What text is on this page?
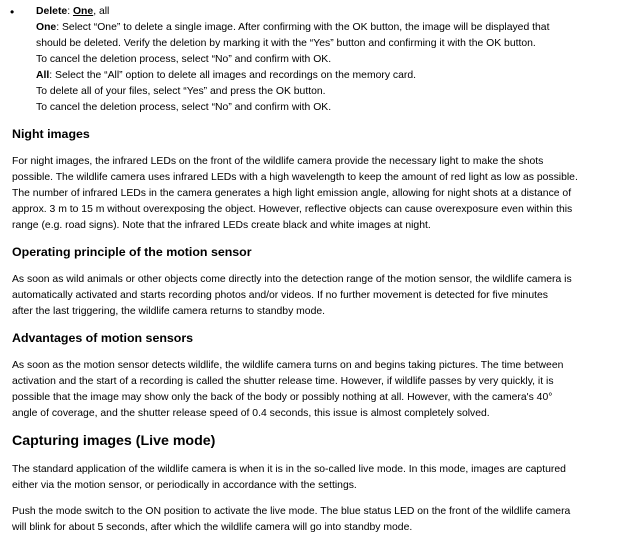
• Delete: One, all
One: Select “One” to delete a single image. After confirming with the OK button, the image will be displayed that
should be deleted. Verify the deletion by marking it with the “Yes” button and confirming it with the OK button.
To cancel the deletion process, select “No” and confirm with OK.
All: Select the “All” option to delete all images and recordings on the memory card.
To delete all of your files, select “Yes” and press the OK button.
To cancel the deletion process, select “No” and confirm with OK.
Night images
For night images, the infrared LEDs on the front of the wildlife camera provide the necessary light to make the shots
possible. The wildlife camera uses infrared LEDs with a high wavelength to keep the amount of red light as low as possible.
The number of infrared LEDs in the camera generates a high light emission angle, allowing for night shots at a distance of
approx. 3 m to 15 m without overexposing the object. However, reflective objects can cause overexposure even within this
range (e.g. road signs). Note that the infrared LEDs create black and white images at night.
Operating principle of the motion sensor
As soon as wild animals or other objects come directly into the detection range of the motion sensor, the wildlife camera is
automatically activated and starts recording photos and/or videos. If no further movement is detected for five minutes
after the last triggering, the wildlife camera returns to standby mode.
Advantages of motion sensors
As soon as the motion sensor detects wildlife, the wildlife camera turns on and begins taking pictures. The time between
activation and the start of a recording is called the shutter release time. However, if wildlife passes by very quickly, it is
possible that the image may show only the back of the body or possibly nothing at all. However, with the camera's 40°
angle of coverage, and the shutter release speed of 0.4 seconds, this issue is almost completely solved.
Capturing images (Live mode)
The standard application of the wildlife camera is when it is in the so-called live mode. In this mode, images are captured
either via the motion sensor, or periodically in accordance with the settings.
Push the mode switch to the ON position to activate the live mode. The blue status LED on the front of the wildlife camera
will blink for about 5 seconds, after which the wildlife camera will go into standby mode.
